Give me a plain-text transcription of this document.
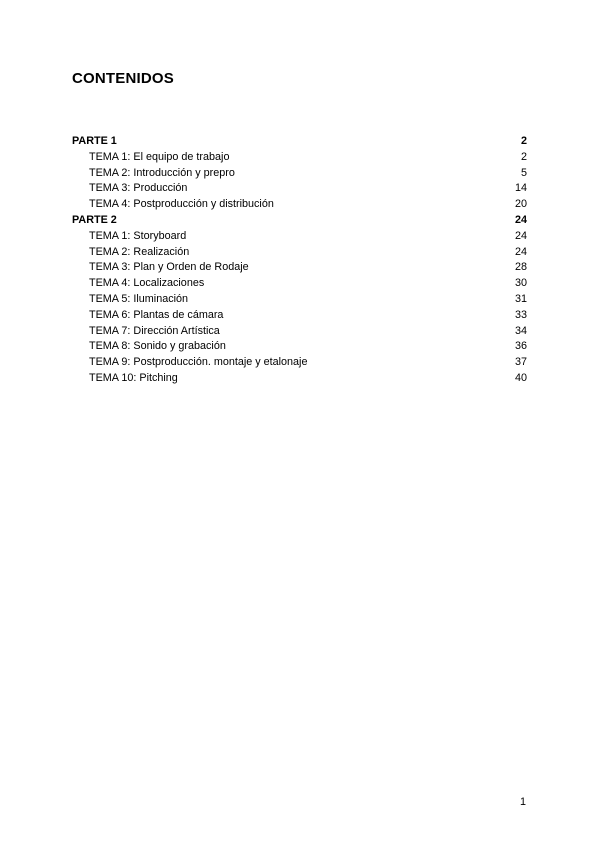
CONTENIDOS
PARTE 1	2
TEMA 1: El equipo de trabajo	2
TEMA 2: Introducción y prepro	5
TEMA 3: Producción	14
TEMA 4: Postproducción y distribución	20
PARTE 2	24
TEMA 1: Storyboard	24
TEMA 2: Realización	24
TEMA 3: Plan y Orden de Rodaje	28
TEMA 4: Localizaciones	30
TEMA 5: Iluminación	31
TEMA 6: Plantas de cámara	33
TEMA 7: Dirección Artística	34
TEMA 8: Sonido y grabación	36
TEMA 9: Postproducción. montaje y etalonaje	37
TEMA 10: Pitching	40
1
